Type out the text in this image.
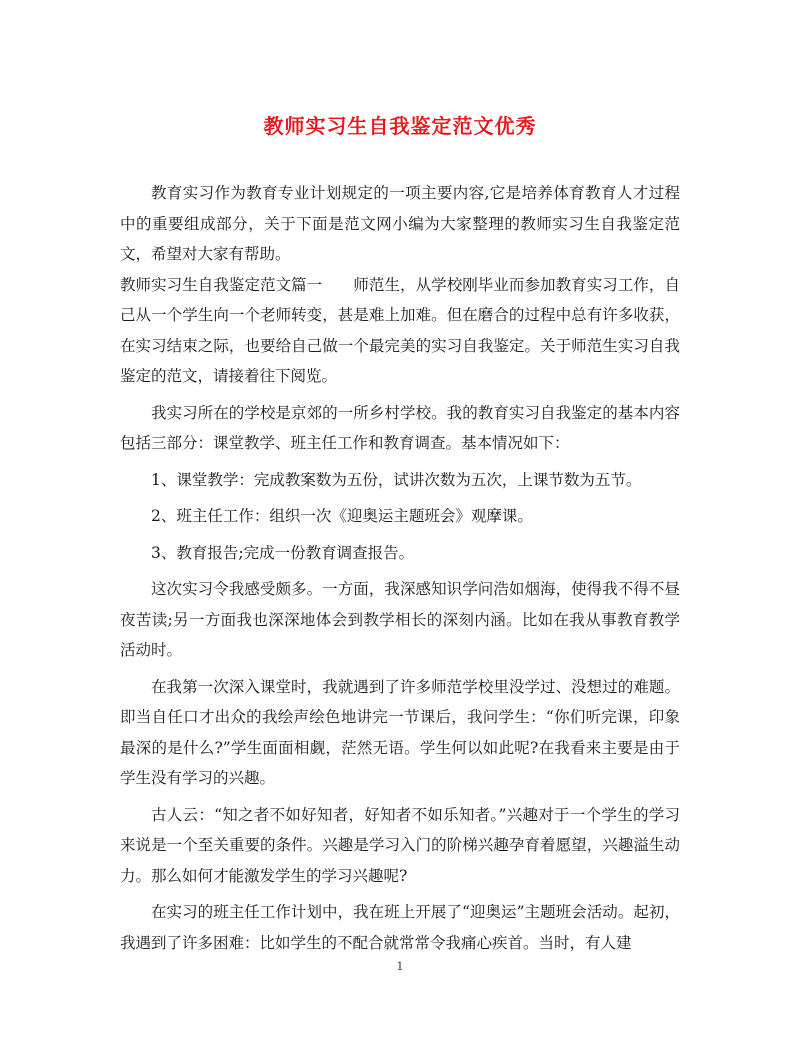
教师实习生自我鉴定范文优秀

教育实习作为教育专业计划规定的一项主要内容,它是培养体育教育人才过程中的重要组成部分，关于下面是范文网小编为大家整理的教师实习生自我鉴定范文，希望对大家有帮助。

教师实习生自我鉴定范文篇一　　师范生，从学校刚毕业而参加教育实习工作，自己从一个学生向一个老师转变，甚是难上加难。但在磨合的过程中总有许多收获，在实习结束之际，也要给自己做一个最完美的实习自我鉴定。关于师范生实习自我鉴定的范文，请接着往下阅览。

我实习所在的学校是京郊的一所乡村学校。我的教育实习自我鉴定的基本内容包括三部分：课堂教学、班主任工作和教育调查。基本情况如下：

1、课堂教学：完成教案数为五份，试讲次数为五次，上课节数为五节。

2、班主任工作：组织一次《迎奥运主题班会》观摩课。

3、教育报告;完成一份教育调查报告。

这次实习令我感受颇多。一方面，我深感知识学问浩如烟海，使得我不得不昼夜苦读;另一方面我也深深地体会到教学相长的深刻内涵。比如在我从事教育教学活动时。

在我第一次深入课堂时，我就遇到了许多师范学校里没学过、没想过的难题。即当自任口才出众的我绘声绘色地讲完一节课后，我问学生：“你们听完课，印象最深的是什么?”学生面面相觑，茫然无语。学生何以如此呢?在我看来主要是由于学生没有学习的兴趣。

古人云：“知之者不如好知者，好知者不如乐知者。”兴趣对于一个学生的学习来说是一个至关重要的条件。兴趣是学习入门的阶梯兴趣孕育着愿望，兴趣溢生动力。那么如何才能激发学生的学习兴趣呢?

在实习的班主任工作计划中，我在班上开展了“迎奥运”主题班会活动。起初，我遇到了许多困难：比如学生的不配合就常常令我痛心疾首。当时，有人建

1
